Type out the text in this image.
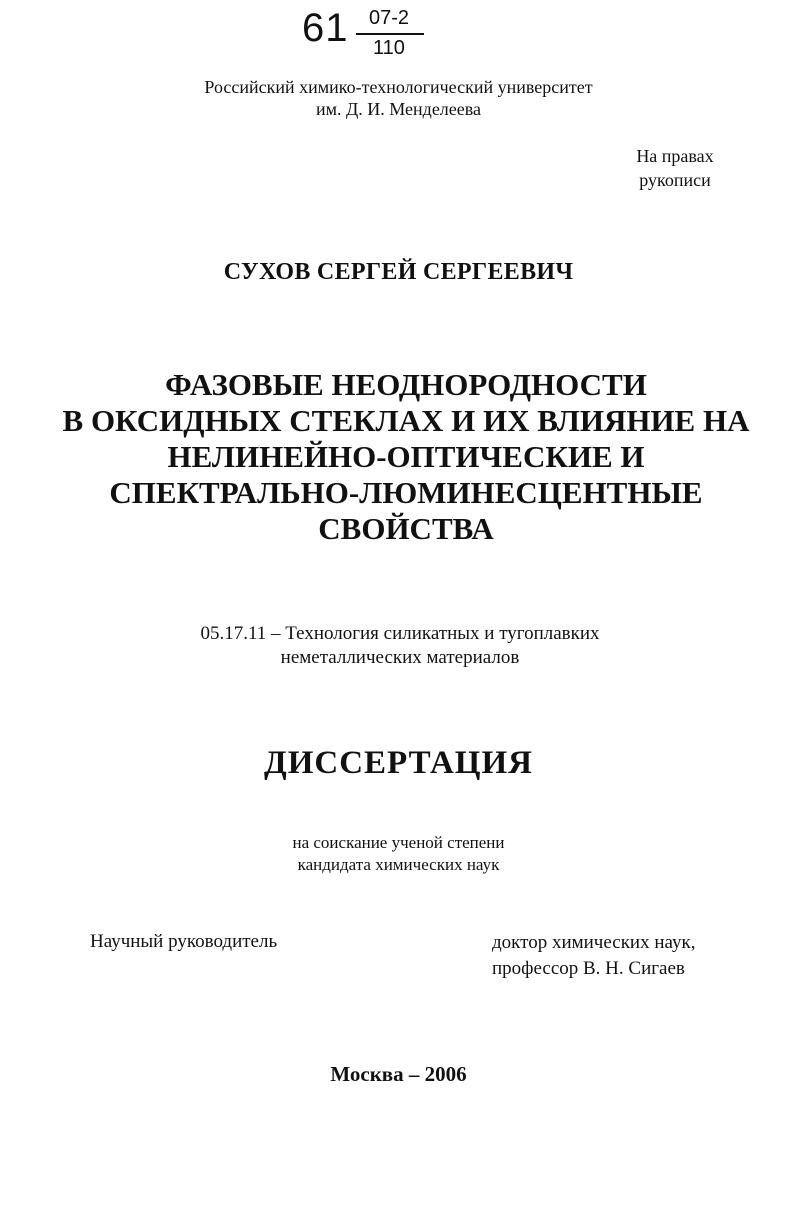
61	07-2
110
Российский химико-технологический университет
им. Д. И. Менделеева
На правах
рукописи
СУХОВ СЕРГЕЙ СЕРГЕЕВИЧ
ФАЗОВЫЕ НЕОДНОРОДНОСТИ
В ОКСИДНЫХ СТЕКЛАХ И ИХ ВЛИЯНИЕ НА
НЕЛИНЕЙНО-ОПТИЧЕСКИЕ И
СПЕКТРАЛЬНО-ЛЮМИНЕСЦЕНТНЫЕ
СВОЙСТВА
05.17.11 – Технология силикатных и тугоплавких
неметаллических материалов
ДИССЕРТАЦИЯ
на соискание ученой степени
кандидата химических наук
Научный руководитель	доктор химических наук,
профессор В. Н. Сигаев
Москва – 2006
